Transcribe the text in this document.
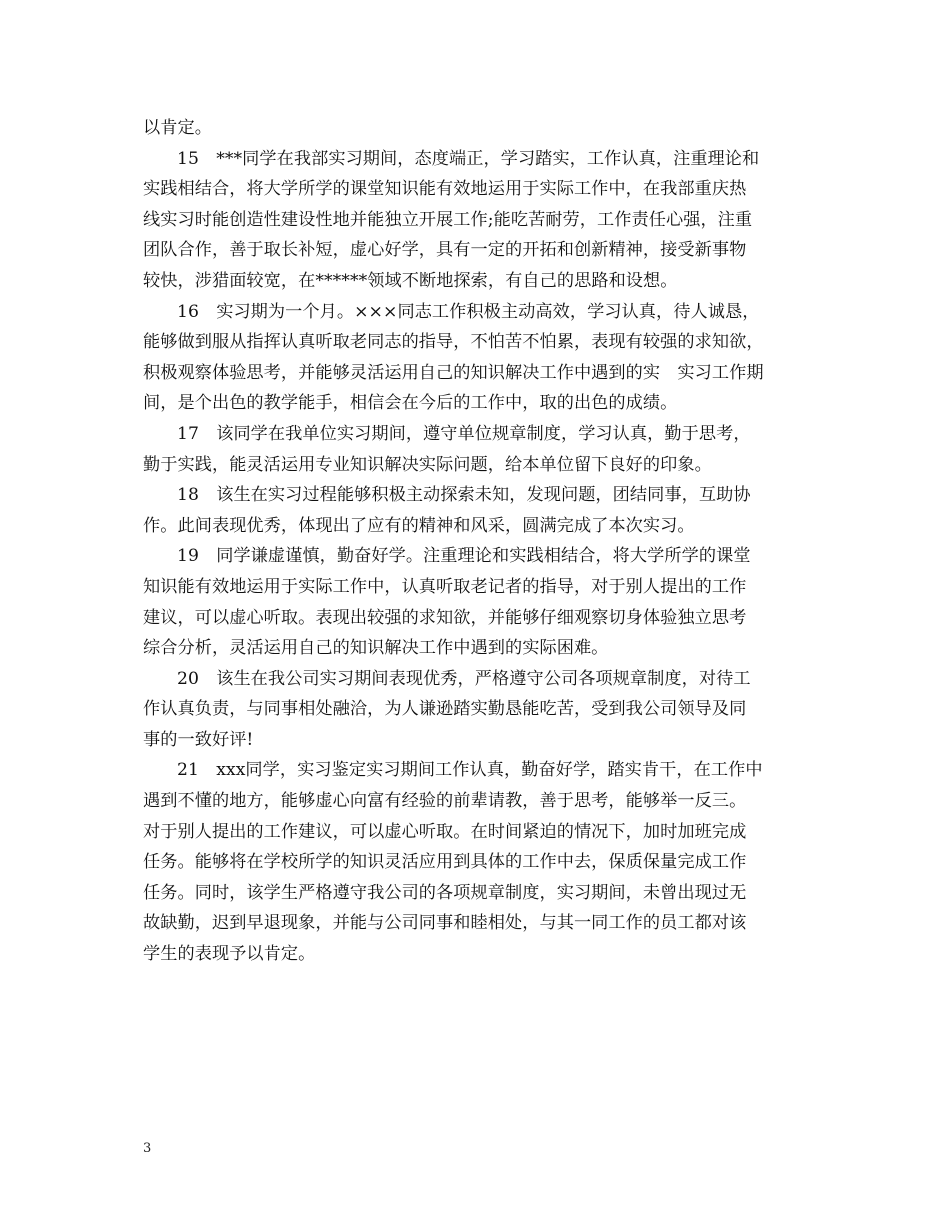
以肯定。
15　***同学在我部实习期间，态度端正，学习踏实，工作认真，注重理论和
实践相结合，将大学所学的课堂知识能有效地运用于实际工作中，在我部重庆热
线实习时能创造性建设性地并能独立开展工作;能吃苦耐劳，工作责任心强，注重
团队合作，善于取长补短，虚心好学，具有一定的开拓和创新精神，接受新事物
较快，涉猎面较宽，在******领域不断地探索，有自己的思路和设想。
16　实习期为一个月。×××同志工作积极主动高效，学习认真，待人诚恳，
能够做到服从指挥认真听取老同志的指导，不怕苦不怕累，表现有较强的求知欲，
积极观察体验思考，并能够灵活运用自己的知识解决工作中遇到的实　实习工作期
间，是个出色的教学能手，相信会在今后的工作中，取的出色的成绩。
17　该同学在我单位实习期间，遵守单位规章制度，学习认真，勤于思考，
勤于实践，能灵活运用专业知识解决实际问题，给本单位留下良好的印象。
18　该生在实习过程能够积极主动探索未知，发现问题，团结同事，互助协
作。此间表现优秀，体现出了应有的精神和风采，圆满完成了本次实习。
19　同学谦虚谨慎，勤奋好学。注重理论和实践相结合，将大学所学的课堂
知识能有效地运用于实际工作中，认真听取老记者的指导，对于别人提出的工作
建议，可以虚心听取。表现出较强的求知欲，并能够仔细观察切身体验独立思考
综合分析，灵活运用自己的知识解决工作中遇到的实际困难。
20　该生在我公司实习期间表现优秀，严格遵守公司各项规章制度，对待工
作认真负责，与同事相处融洽，为人谦逊踏实勤恳能吃苦，受到我公司领导及同
事的一致好评!
21　xxx同学，实习鉴定实习期间工作认真，勤奋好学，踏实肯干，在工作中
遇到不懂的地方，能够虚心向富有经验的前辈请教，善于思考，能够举一反三。
对于别人提出的工作建议，可以虚心听取。在时间紧迫的情况下，加时加班完成
任务。能够将在学校所学的知识灵活应用到具体的工作中去，保质保量完成工作
任务。同时，该学生严格遵守我公司的各项规章制度，实习期间，未曾出现过无
故缺勤，迟到早退现象，并能与公司同事和睦相处，与其一同工作的员工都对该
学生的表现予以肯定。
3
